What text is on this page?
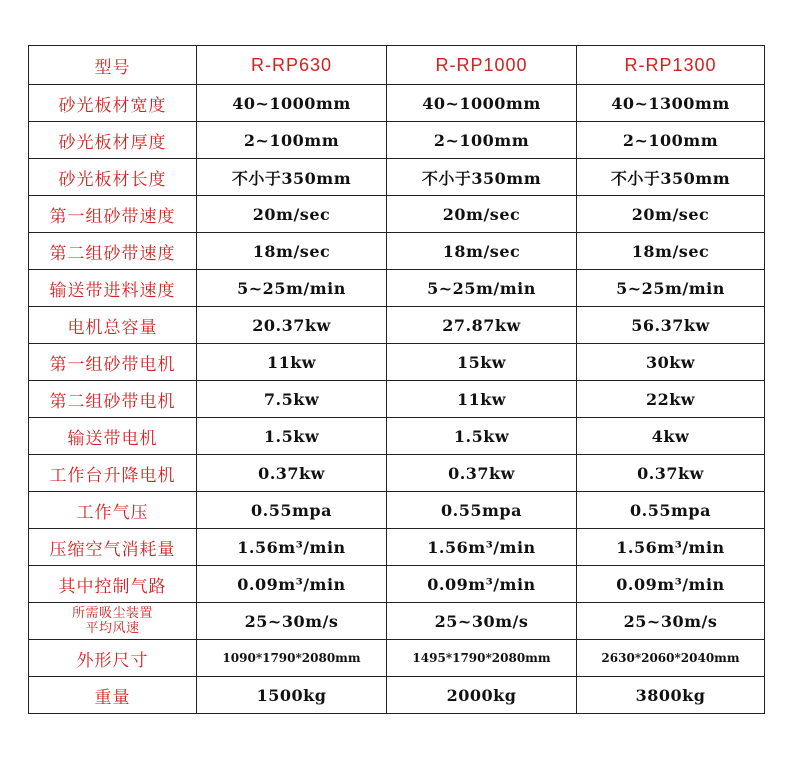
型号	R-RP630	R-RP1000	R-RP1300
砂光板材宽度	40~1000mm	40~1000mm	40~1300mm
砂光板材厚度	2~100mm	2~100mm	2~100mm
砂光板材长度	不小于350mm	不小于350mm	不小于350mm
第一组砂带速度	20m/sec	20m/sec	20m/sec
第二组砂带速度	18m/sec	18m/sec	18m/sec
输送带进料速度	5~25m/min	5~25m/min	5~25m/min
电机总容量	20.37kw	27.87kw	56.37kw
第一组砂带电机	11kw	15kw	30kw
第二组砂带电机	7.5kw	11kw	22kw
输送带电机	1.5kw	1.5kw	4kw
工作台升降电机	0.37kw	0.37kw	0.37kw
工作气压	0.55mpa	0.55mpa	0.55mpa
压缩空气消耗量	1.56m³/min	1.56m³/min	1.56m³/min
其中控制气路	0.09m³/min	0.09m³/min	0.09m³/min
所需吸尘装置
平均风速	25~30m/s	25~30m/s	25~30m/s
外形尺寸	1090*1790*2080mm	1495*1790*2080mm	2630*2060*2040mm
重量	1500kg	2000kg	3800kg
